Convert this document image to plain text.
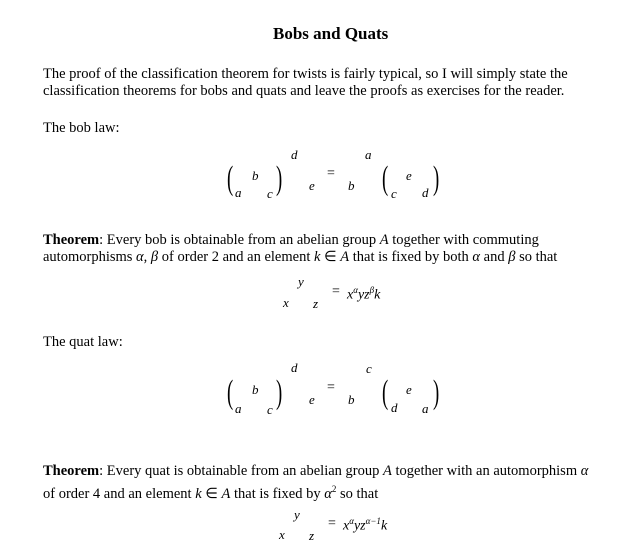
Bobs and Quats
The proof of the classification theorem for twists is fairly typical, so I will simply state the
classification theorems for bobs and quats and leave the proofs as exercises for the reader.
The bob law:
d
( a
b
c ) e
=
a
b ( c
e
d )
Theorem: Every bob is obtainable from an abelian group A together with commuting
automorphisms α, β of order 2 and an element k ∈ A that is fixed by both α and β so that
y
x z
= $x^\alpha yz^\beta k$
The quat law:
d
( a
b
c ) e
=
c
b ( d
e
a )
Theorem: Every quat is obtainable from an abelian group A together with an automorphism α
of order 4 and an element k ∈ A that is fixed by $\alpha^2$ so that
y
x z
= $x^\alpha yz^{\alpha-1}k$
